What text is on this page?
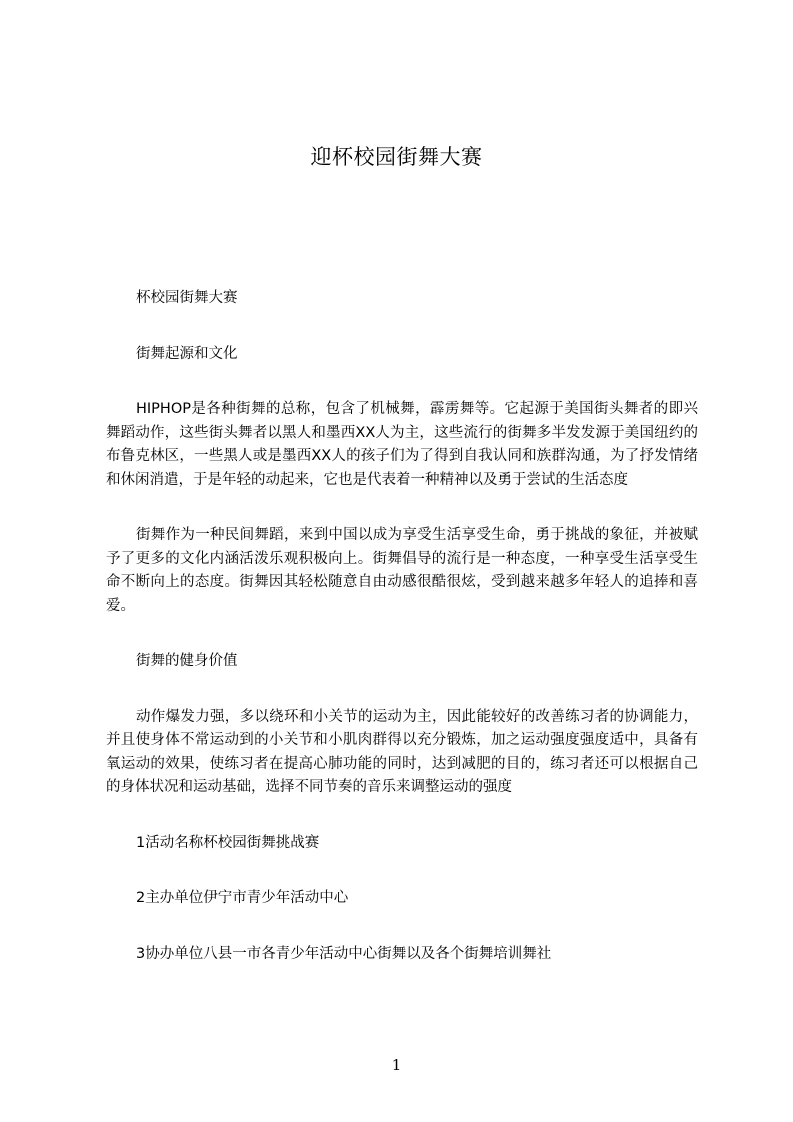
迎杯校园街舞大赛

杯校园街舞大赛

街舞起源和文化

HIPHOP是各种街舞的总称，包含了机械舞，霹雳舞等。它起源于美国街头舞者的即兴舞蹈动作，这些街头舞者以黑人和墨西XX人为主，这些流行的街舞多半发发源于美国纽约的布鲁克林区，一些黑人或是墨西XX人的孩子们为了得到自我认同和族群沟通，为了抒发情绪和休闲消遣，于是年轻的动起来，它也是代表着一种精神以及勇于尝试的生活态度

街舞作为一种民间舞蹈，来到中国以成为享受生活享受生命，勇于挑战的象征，并被赋予了更多的文化内涵活泼乐观积极向上。街舞倡导的流行是一种态度，一种享受生活享受生命不断向上的态度。街舞因其轻松随意自由动感很酷很炫，受到越来越多年轻人的追捧和喜爱。

街舞的健身价值

动作爆发力强，多以绕环和小关节的运动为主，因此能较好的改善练习者的协调能力，并且使身体不常运动到的小关节和小肌肉群得以充分锻炼，加之运动强度强度适中，具备有氧运动的效果，使练习者在提高心肺功能的同时，达到减肥的目的，练习者还可以根据自己的身体状况和运动基础，选择不同节奏的音乐来调整运动的强度

1活动名称杯校园街舞挑战赛

2主办单位伊宁市青少年活动中心

3协办单位八县一市各青少年活动中心街舞以及各个街舞培训舞社

1
